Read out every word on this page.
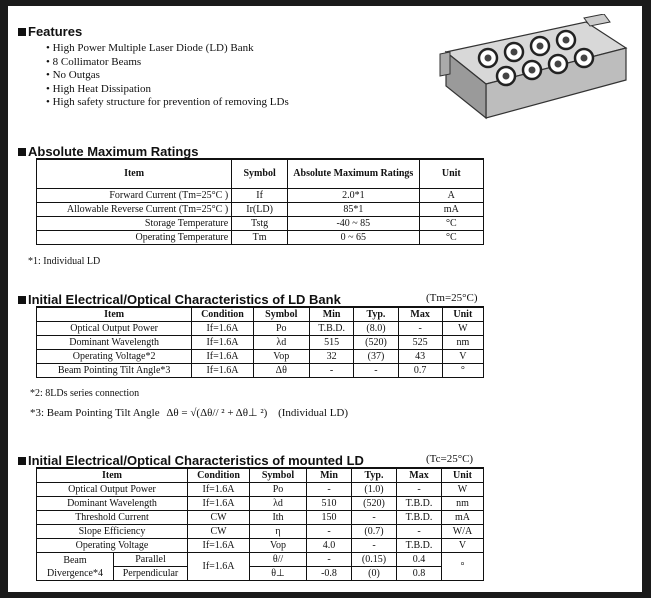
Features
• High Power Multiple Laser Diode (LD) Bank
• 8 Collimator Beams
• No Outgas
• High Heat Dissipation
• High safety structure for prevention of removing LDs
Absolute Maximum Ratings
Item	Symbol	Absolute Maximum Ratings	Unit
Forward Current (Tm=25°C )	If	2.0*1	A
Allowable Reverse Current (Tm=25°C )	Ir(LD)	85*1	mA
Storage Temperature	Tstg	-40 ~ 85	°C
Operating Temperature	Tm	0 ~ 65	°C
*1: Individual LD
Initial Electrical/Optical Characteristics of LD Bank	(Tm=25°C)
Item	Condition	Symbol	Min	Typ.	Max	Unit
Optical Output Power	If=1.6A	Po	T.B.D.	(8.0)	-	W
Dominant Wavelength	If=1.6A	λd	515	(520)	525	nm
Operating Voltage*2	If=1.6A	Vop	32	(37)	43	V
Beam Pointing Tilt Angle*3	If=1.6A	Δθ	-	-	0.7	°
*2: 8LDs series connection
*3: Beam Pointing Tilt Angle Δθ = √(Δθ// ² + Δθ⊥ ²) (Individual LD)
Initial Electrical/Optical Characteristics of mounted LD	(Tc=25°C)
Item		Condition	Symbol	Min	Typ.	Max	Unit
Optical Output Power		If=1.6A	Po	-	(1.0)	-	W
Dominant Wavelength		If=1.6A	λd	510	(520)	T.B.D.	nm
Threshold Current		CW	Ith	150	-	T.B.D.	mA
Slope Efficiency		CW	η	-	(0.7)	-	W/A
Operating Voltage		If=1.6A	Vop	4.0	-	T.B.D.	V
Beam
Divergence*4	Parallel	If=1.6A	θ//	-	(0.15)	0.4	°
	Perpendicular		θ⊥	-0.8	(0)	0.8	
